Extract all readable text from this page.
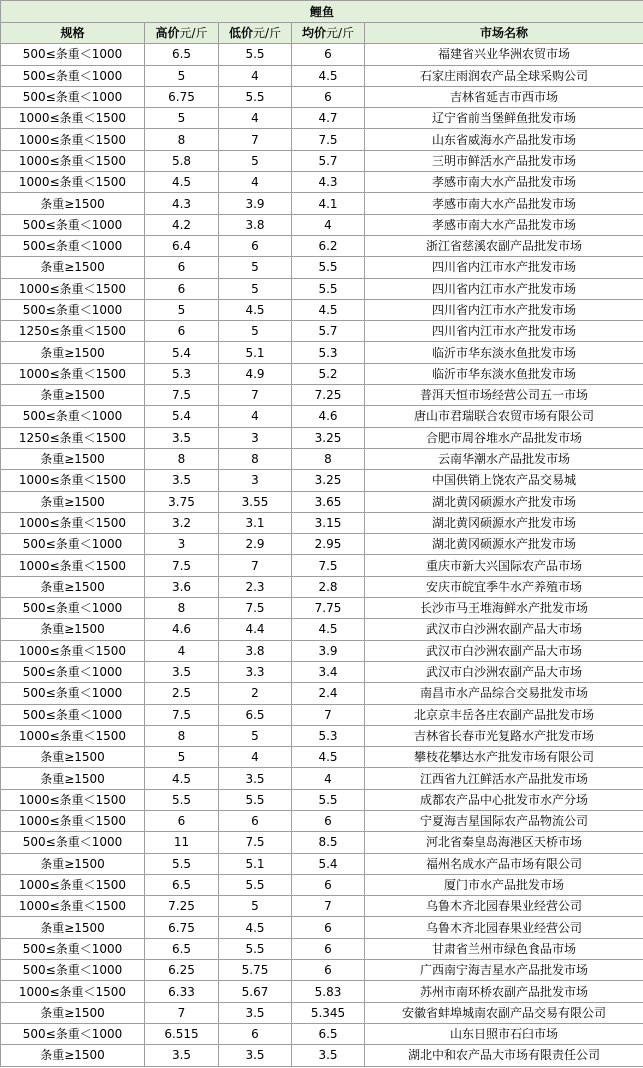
鲤鱼				
规格	高价元/斤	低价元/斤	均价元/斤	市场名称
500≤条重＜1000	6.5	5.5	6	福建省兴业华洲农贸市场
500≤条重＜1000	5	4	4.5	石家庄雨润农产品全球采购公司
500≤条重＜1000	6.75	5.5	6	吉林省延吉市西市场
1000≤条重＜1500	5	4	4.7	辽宁省前当堡鲜鱼批发市场
1000≤条重＜1500	8	7	7.5	山东省威海水产品批发市场
1000≤条重＜1500	5.8	5	5.7	三明市鲜活水产品批发市场
1000≤条重＜1500	4.5	4	4.3	孝感市南大水产品批发市场
条重≥1500	4.3	3.9	4.1	孝感市南大水产品批发市场
500≤条重＜1000	4.2	3.8	4	孝感市南大水产品批发市场
500≤条重＜1000	6.4	6	6.2	浙江省慈溪农副产品批发市场
条重≥1500	6	5	5.5	四川省内江市水产批发市场
1000≤条重＜1500	6	5	5.5	四川省内江市水产批发市场
500≤条重＜1000	5	4.5	4.5	四川省内江市水产批发市场
1250≤条重＜1500	6	5	5.7	四川省内江市水产批发市场
条重≥1500	5.4	5.1	5.3	临沂市华东淡水鱼批发市场
1000≤条重＜1500	5.3	4.9	5.2	临沂市华东淡水鱼批发市场
条重≥1500	7.5	7	7.25	普洱天恒市场经营公司五一市场
500≤条重＜1000	5.4	4	4.6	唐山市君瑞联合农贸市场有限公司
1250≤条重＜1500	3.5	3	3.25	合肥市周谷堆水产品批发市场
条重≥1500	8	8	8	云南华潮水产品批发市场
1000≤条重＜1500	3.5	3	3.25	中国供销上饶农产品交易城
条重≥1500	3.75	3.55	3.65	湖北黄冈硕源水产批发市场
1000≤条重＜1500	3.2	3.1	3.15	湖北黄冈硕源水产批发市场
500≤条重＜1000	3	2.9	2.95	湖北黄冈硕源水产批发市场
1000≤条重＜1500	7.5	7	7.5	重庆市新大兴国际农产品市场
条重≥1500	3.6	2.3	2.8	安庆市皖宜季牛水产养殖市场
500≤条重＜1000	8	7.5	7.75	长沙市马王堆海鲜水产批发市场
条重≥1500	4.6	4.4	4.5	武汉市白沙洲农副产品大市场
1000≤条重＜1500	4	3.8	3.9	武汉市白沙洲农副产品大市场
500≤条重＜1000	3.5	3.3	3.4	武汉市白沙洲农副产品大市场
500≤条重＜1000	2.5	2	2.4	南昌市水产品综合交易批发市场
500≤条重＜1000	7.5	6.5	7	北京京丰岳各庄农副产品批发市场
1000≤条重＜1500	8	5	5.3	吉林省长春市光复路水产批发市场
条重≥1500	5	4	4.5	攀枝花攀达水产批发市场有限公司
条重≥1500	4.5	3.5	4	江西省九江鲜活水产品批发市场
1000≤条重＜1500	5.5	5.5	5.5	成都农产品中心批发市水产分场
1000≤条重＜1500	6	6	6	宁夏海吉星国际农产品物流公司
500≤条重＜1000	11	7.5	8.5	河北省秦皇岛海港区天桥市场
条重≥1500	5.5	5.1	5.4	福州名成水产品市场有限公司
1000≤条重＜1500	6.5	5.5	6	厦门市水产品批发市场
1000≤条重＜1500	7.25	5	7	乌鲁木齐北园春果业经营公司
条重≥1500	6.75	4.5	6	乌鲁木齐北园春果业经营公司
500≤条重＜1000	6.5	5.5	6	甘肃省兰州市绿色食品市场
500≤条重＜1000	6.25	5.75	6	广西南宁海吉星水产品批发市场
1000≤条重＜1500	6.33	5.67	5.83	苏州市南环桥农副产品批发市场
条重≥1500	7	3.5	5.345	安徽省蚌埠城南农副产品交易有限公司
500≤条重＜1000	6.515	6	6.5	山东日照市石臼市场
条重≥1500	3.5	3.5	3.5	湖北中和农产品大市场有限责任公司
